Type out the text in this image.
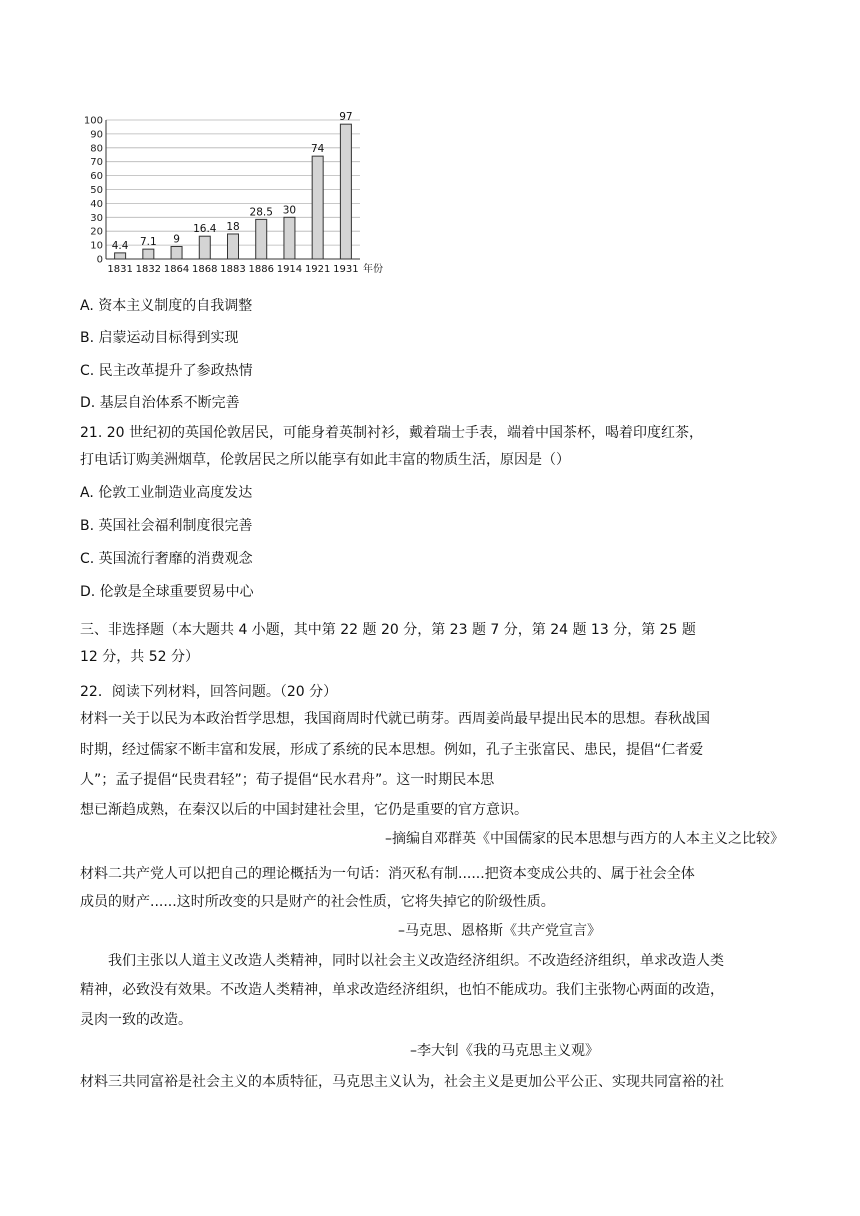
0
10
20
30
40
50
60
70
80
90
100
4.4 7.1 9
16.4 18
28.5 30
74
97
1831 1832 1864 1868 1883 1886 1914 1921 1931 年份
A. 资本主义制度的自我调整
B. 启蒙运动目标得到实现
C. 民主改革提升了参政热情
D. 基层自治体系不断完善
21. 20 世纪初的英国伦敦居民，可能身着英制衬衫，戴着瑞士手表，端着中国茶杯，喝着印度红茶，
打电话订购美洲烟草，伦敦居民之所以能享有如此丰富的物质生活，原因是（）
A. 伦敦工业制造业高度发达
B. 英国社会福利制度很完善
C. 英国流行奢靡的消费观念
D. 伦敦是全球重要贸易中心
三、非选择题（本大题共 4 小题，其中第 22 题 20 分，第 23 题 7 分，第 24 题 13 分，第 25 题
12 分，共 52 分）
22．阅读下列材料，回答问题。（20 分）
材料一关于以民为本政治哲学思想，我国商周时代就已萌芽。西周姜尚最早提出民本的思想。春秋战国
时期，经过儒家不断丰富和发展，形成了系统的民本思想。例如，孔子主张富民、患民，提倡“仁者爱
人”；孟子提倡“民贵君轻”；荀子提倡“民水君舟”。这一时期民本思
想已渐趋成熟，在秦汉以后的中国封建社会里，它仍是重要的官方意识。
–摘编自邓群英《中国儒家的民本思想与西方的人本主义之比较》
材料二共产党人可以把自己的理论概括为一句话：消灭私有制......把资本变成公共的、属于社会全体
成员的财产......这时所改变的只是财产的社会性质，它将失掉它的阶级性质。
–马克思、恩格斯《共产党宣言》
我们主张以人道主义改造人类精神，同时以社会主义改造经济组织。不改造经济组织，单求改造人类
精神，必致没有效果。不改造人类精神，单求改造经济组织，也怕不能成功。我们主张物心两面的改造，
灵肉一致的改造。
–李大钊《我的马克思主义观》
材料三共同富裕是社会主义的本质特征，马克思主义认为，社会主义是更加公平公正、实现共同富裕的社
